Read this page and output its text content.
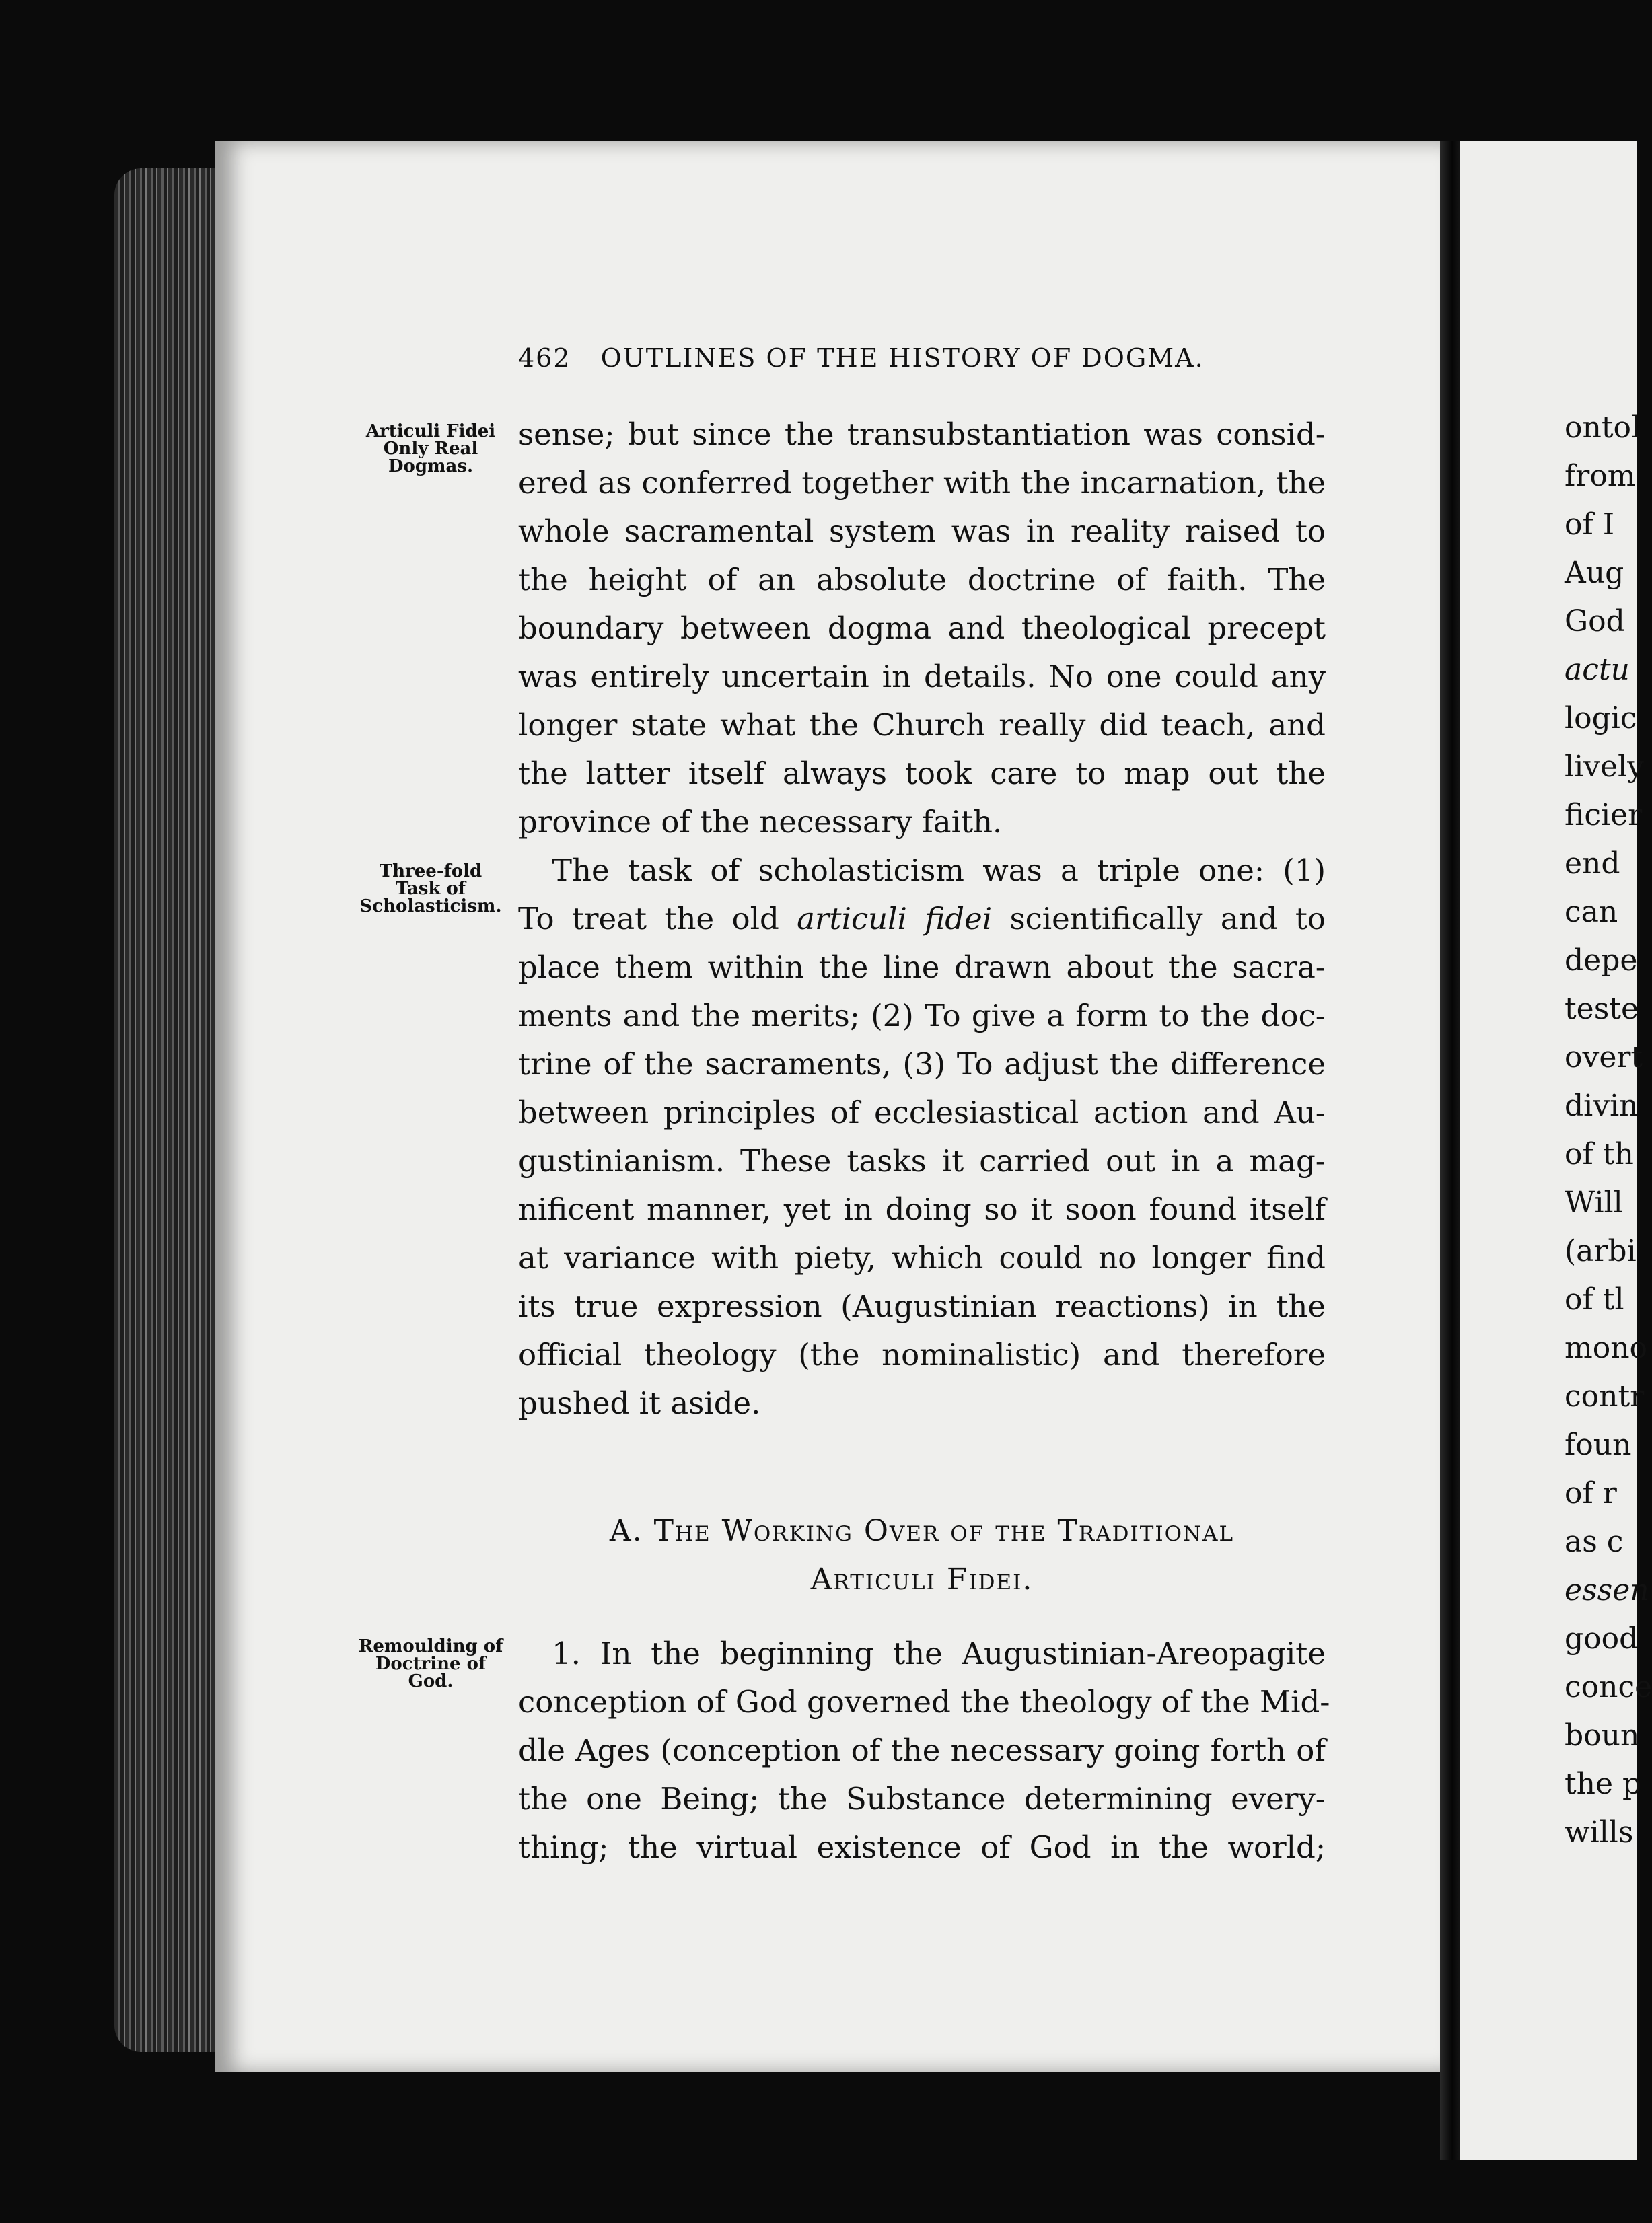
462 OUTLINES OF THE HISTORY OF DOGMA.
Articuli Fidei Only Real Dogmas.
Three-fold Task of Scholasticism.
Remoulding of Doctrine of God.
sense; but since the transubstantiation was consid-
ered as conferred together with the incarnation, the
whole sacramental system was in reality raised to
the height of an absolute doctrine of faith. The
boundary between dogma and theological precept
was entirely uncertain in details. No one could any
longer state what the Church really did teach, and
the latter itself always took care to map out the
province of the necessary faith.
The task of scholasticism was a triple one: (1)
To treat the old articuli fidei scientifically and to
place them within the line drawn about the sacra-
ments and the merits; (2) To give a form to the doc-
trine of the sacraments, (3) To adjust the difference
between principles of ecclesiastical action and Au-
gustinianism. These tasks it carried out in a mag-
nificent manner, yet in doing so it soon found itself
at variance with piety, which could no longer find
its true expression (Augustinian reactions) in the
official theology (the nominalistic) and therefore
pushed it aside.
A. The Working Over of the Traditional
Articuli Fidei.
1. In the beginning the Augustinian-Areopagite
conception of God governed the theology of the Mid-
dle Ages (conception of the necessary going forth of
the one Being; the Substance determining every-
thing; the virtual existence of God in the world;
ontol
from
of I
Aug
God
actu
logic
lively
ficier
end
can
depe
teste
overt
divin
of th
Will
(arbi
of tl
mono
contr
foun
of r
as c
essen
good
conce
boun
the p
wills
